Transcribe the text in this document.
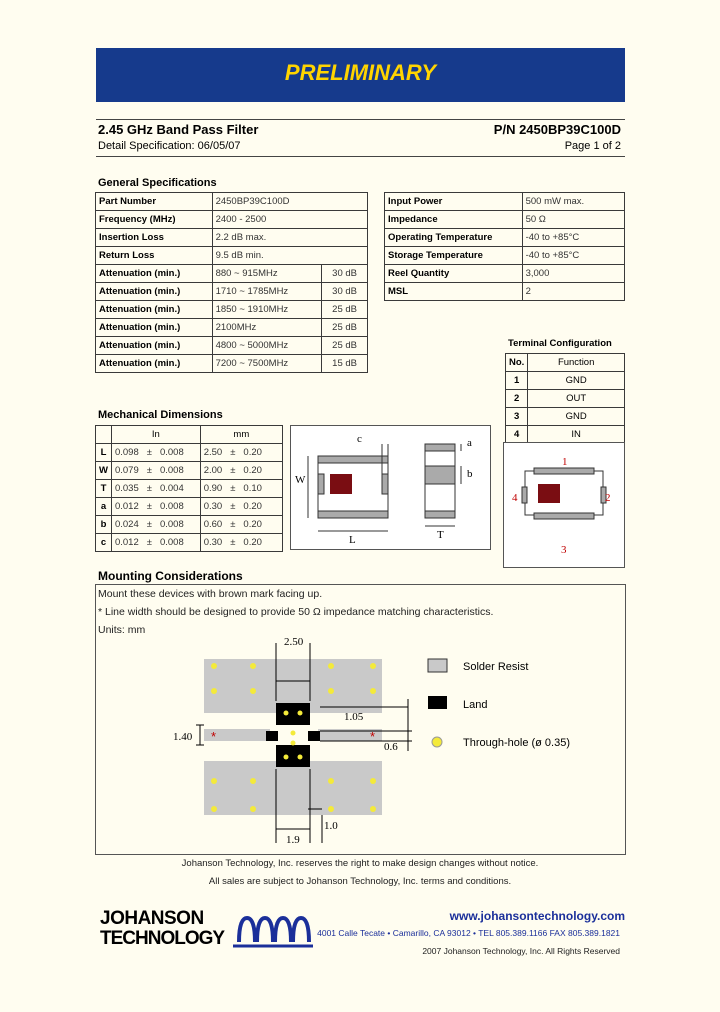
PRELIMINARY
2.45 GHz Band Pass Filter	P/N 2450BP39C100D
Detail Specification: 06/05/07	Page 1 of 2
General Specifications
Part Number	2450BP39C100D	
Frequency (MHz)	2400 - 2500	
Insertion Loss	2.2 dB max.	
Return Loss	9.5 dB min.	
Attenuation (min.)	880 ~ 915MHz	30 dB
Attenuation (min.)	1710 ~ 1785MHz	30 dB
Attenuation (min.)	1850 ~ 1910MHz	25 dB
Attenuation (min.)	2100MHz	25 dB
Attenuation (min.)	4800 ~ 5000MHz	25 dB
Attenuation (min.)	7200 ~ 7500MHz	15 dB
Input Power	500 mW max.
Impedance	50 Ω
Operating Temperature	-40 to +85°C
Storage Temperature	-40 to +85°C
Reel Quantity	3,000
MSL	2
Terminal Configuration
No.	Function
1	GND
2	OUT
3	GND
4	IN
1
2
3
4
Mechanical Dimensions
	In	mm
L	0.098 ± 0.008	2.50 ± 0.20
W	0.079 ± 0.008	2.00 ± 0.20
T	0.035 ± 0.004	0.90 ± 0.10
a	0.012 ± 0.008	0.30 ± 0.20
b	0.024 ± 0.008	0.60 ± 0.20
c	0.012 ± 0.008	0.30 ± 0.20
c
W
L
a
b
T
Mounting Considerations
Mount these devices with brown mark facing up.
* Line width should be designed to provide 50 Ω impedance matching characteristics.
Units: mm
*	*
2.50
1.40
1.05
0.6
1.9
1.0
Solder Resist
Land
Through-hole (ø 0.35)
Johanson Technology, Inc. reserves the right to make design changes without notice.
All sales are subject to Johanson Technology, Inc. terms and conditions.
JOHANSON
TECHNOLOGY
www.johansontechnology.com
4001 Calle Tecate • Camarillo, CA 93012 • TEL 805.389.1166 FAX 805.389.1821
2007 Johanson Technology, Inc. All Rights Reserved
